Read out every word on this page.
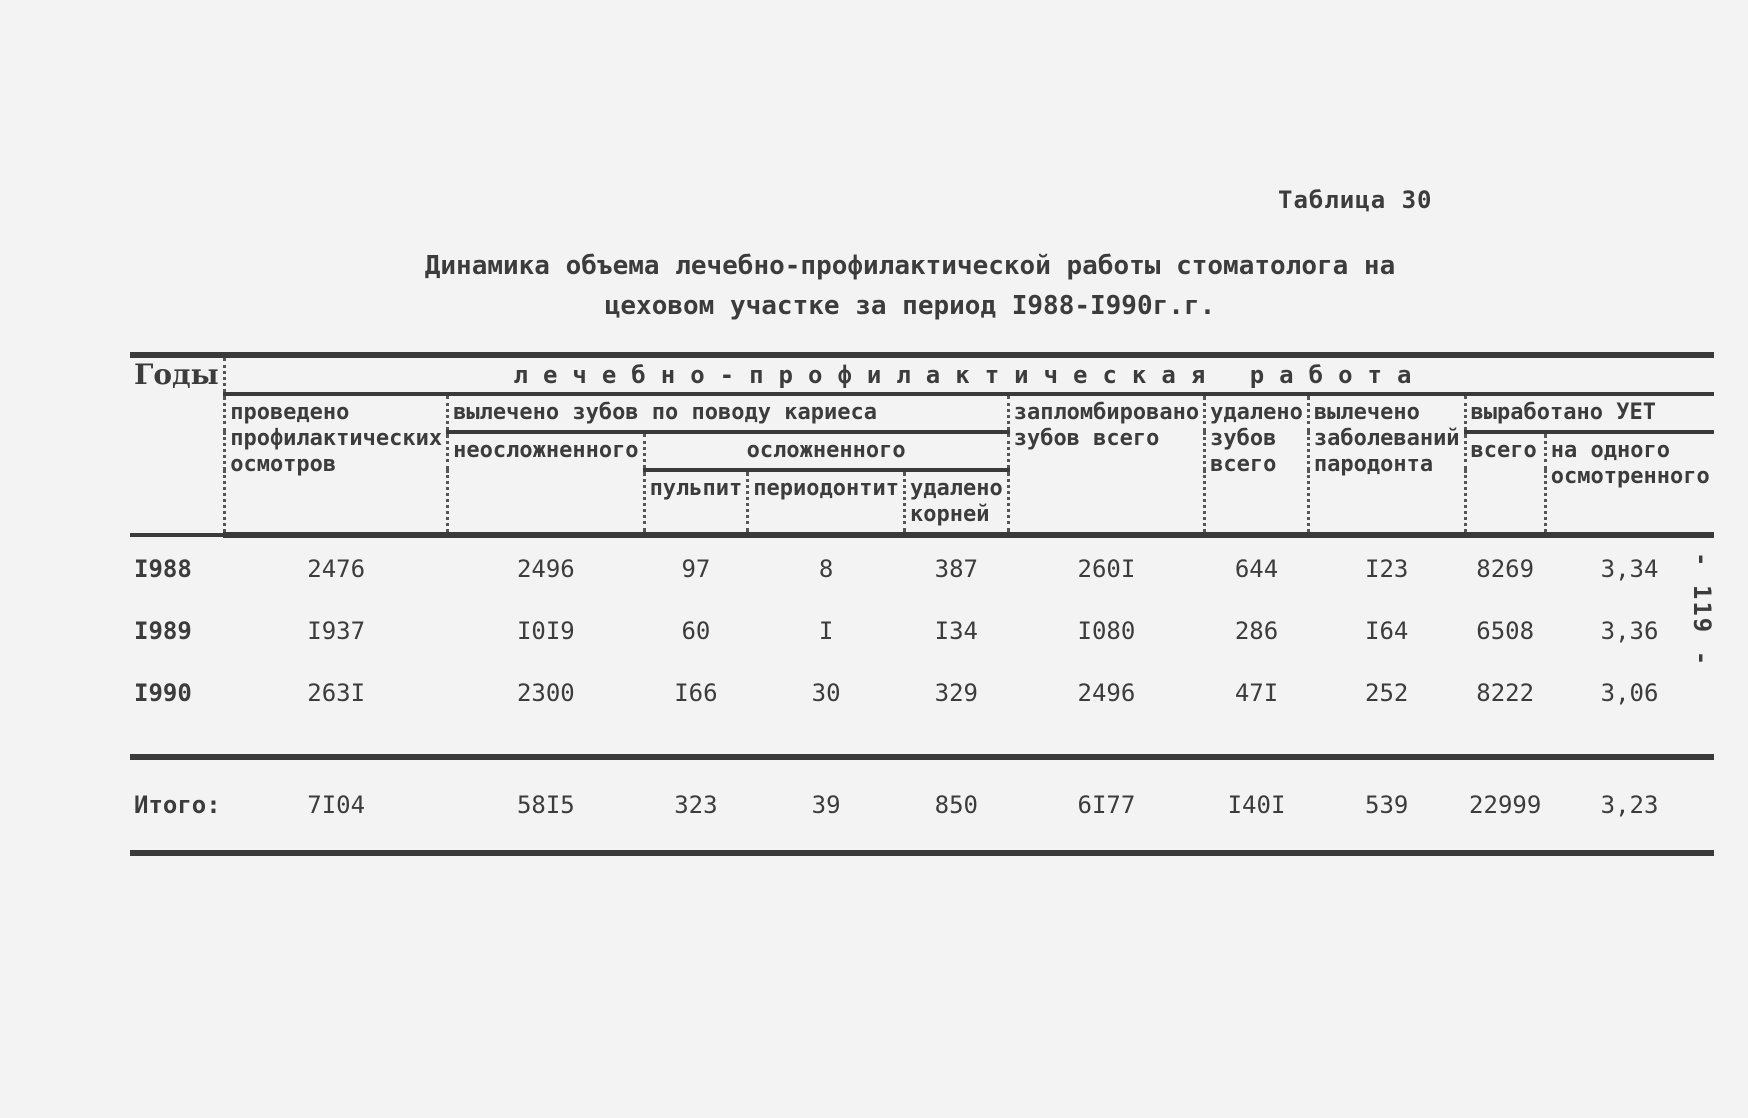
Таблица 30
Динамика объема лечебно-профилактической работы стоматолога на
цеховом участке за период I988-I990г.г.
- 119 -
Годы	лечебно-профилактическая работа									
	проведено профилактических осмотров	вылечено зубов по поводу кариеса				запломбировано зубов всего	удалено зубов всего	вылечено заболеваний пародонта	выработано УЕТ	
		неосложненного	осложненного						всего	на одного осмотренного
			пульпит	периодонтит	удалено корней					
I988	2476	2496	97	8	387	260I	644	I23	8269	3,34
I989	I937	I0I9	60	I	I34	I080	286	I64	6508	3,36
I990	263I	2300	I66	30	329	2496	47I	252	8222	3,06

Итого:	7I04	58I5	323	39	850	6I77	I40I	539	22999	3,23
